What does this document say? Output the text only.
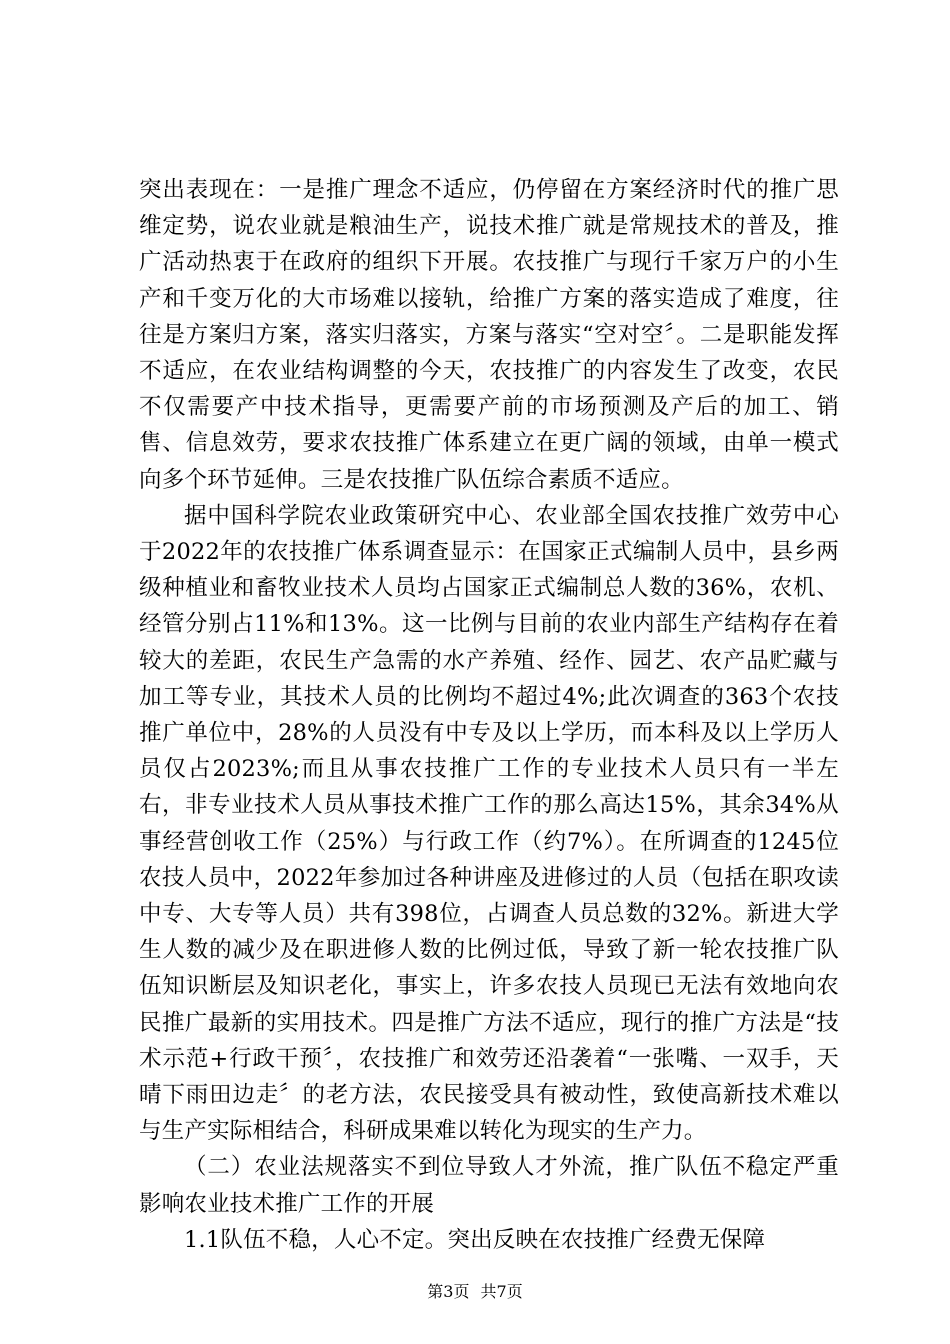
突出表现在：一是推广理念不适应，仍停留在方案经济时代的推广思维定势，说农业就是粮油生产，说技术推广就是常规技术的普及，推广活动热衷于在政府的组织下开展。农技推广与现行千家万户的小生产和千变万化的大市场难以接轨，给推广方案的落实造成了难度，往往是方案归方案，落实归落实，方案与落实“空对空〞。二是职能发挥不适应，在农业结构调整的今天，农技推广的内容发生了改变，农民不仅需要产中技术指导，更需要产前的市场预测及产后的加工、销售、信息效劳，要求农技推广体系建立在更广阔的领域，由单一模式向多个环节延伸。三是农技推广队伍综合素质不适应。

据中国科学院农业政策研究中心、农业部全国农技推广效劳中心于2022年的农技推广体系调查显示：在国家正式编制人员中，县乡两级种植业和畜牧业技术人员均占国家正式编制总人数的36%，农机、经管分别占11%和13%。这一比例与目前的农业内部生产结构存在着较大的差距，农民生产急需的水产养殖、经作、园艺、农产品贮藏与加工等专业，其技术人员的比例均不超过4%;此次调查的363个农技推广单位中，28%的人员没有中专及以上学历，而本科及以上学历人员仅占2023%;而且从事农技推广工作的专业技术人员只有一半左右，非专业技术人员从事技术推广工作的那么高达15%，其余34%从事经营创收工作（25%）与行政工作（约7%）。在所调查的1245位农技人员中，2022年参加过各种讲座及进修过的人员（包括在职攻读中专、大专等人员）共有398位，占调查人员总数的32%。新进大学生人数的减少及在职进修人数的比例过低，导致了新一轮农技推广队伍知识断层及知识老化，事实上，许多农技人员现已无法有效地向农民推广最新的实用技术。四是推广方法不适应，现行的推广方法是“技术示范+行政干预〞，农技推广和效劳还沿袭着“一张嘴、一双手，天晴下雨田边走〞的老方法，农民接受具有被动性，致使高新技术难以与生产实际相结合，科研成果难以转化为现实的生产力。

（二）农业法规落实不到位导致人才外流，推广队伍不稳定严重影响农业技术推广工作的开展

1.1队伍不稳，人心不定。突出反映在农技推广经费无保障

第3页 共7页
